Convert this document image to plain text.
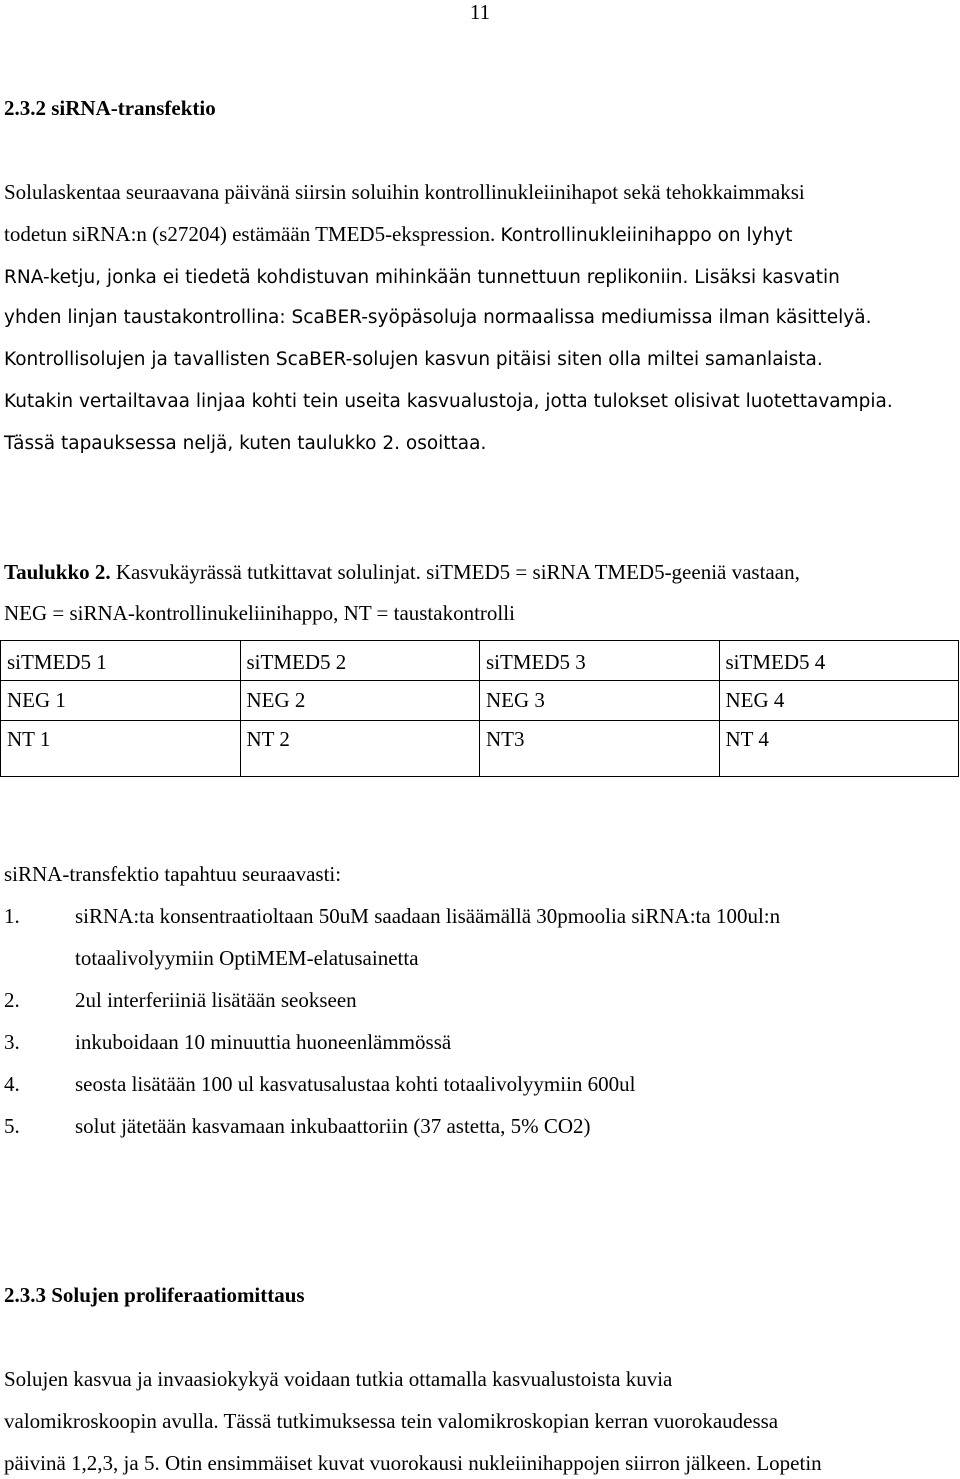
11
2.3.2 siRNA-transfektio
Solulaskentaa seuraavana päivänä siirsin soluihin kontrollinukleiinihapot sekä tehokkaimmaksi
todetun siRNA:n (s27204) estämään TMED5-ekspression. Kontrollinukleiinihappo on lyhyt
RNA-ketju, jonka ei tiedetä kohdistuvan mihinkään tunnettuun replikoniin. Lisäksi kasvatin
yhden linjan taustakontrollina: ScaBER-syöpäsoluja normaalissa mediumissa ilman käsittelyä.
Kontrollisolujen ja tavallisten ScaBER-solujen kasvun pitäisi siten olla miltei samanlaista.
Kutakin vertailtavaa linjaa kohti tein useita kasvualustoja, jotta tulokset olisivat luotettavampia.
Tässä tapauksessa neljä, kuten taulukko 2. osoittaa.
Taulukko 2. Kasvukäyrässä tutkittavat solulinjat. siTMED5 = siRNA TMED5-geeniä vastaan,
NEG = siRNA-kontrollinukeliinihappo, NT = taustakontrolli
siTMED5 1	siTMED5 2	siTMED5 3	siTMED5 4
NEG 1	NEG 2	NEG 3	NEG 4
NT 1	NT 2	NT3	NT 4
siRNA-transfektio tapahtuu seuraavasti:
1.	siRNA:ta konsentraatioltaan 50uM saadaan lisäämällä 30pmoolia siRNA:ta 100ul:n
totaalivolyymiin OptiMEM-elatusainetta
2.	2ul interferiiniä lisätään seokseen
3.	inkuboidaan 10 minuuttia huoneenlämmössä
4.	seosta lisätään 100 ul kasvatusalustaa kohti totaalivolyymiin 600ul
5.	solut jätetään kasvamaan inkubaattoriin (37 astetta, 5% CO2)
2.3.3 Solujen proliferaatiomittaus
Solujen kasvua ja invaasiokykyä voidaan tutkia ottamalla kasvualustoista kuvia
valomikroskoopin avulla. Tässä tutkimuksessa tein valomikroskopian kerran vuorokaudessa
päivinä 1,2,3, ja 5. Otin ensimmäiset kuvat vuorokausi nukleiinihappojen siirron jälkeen. Lopetin
